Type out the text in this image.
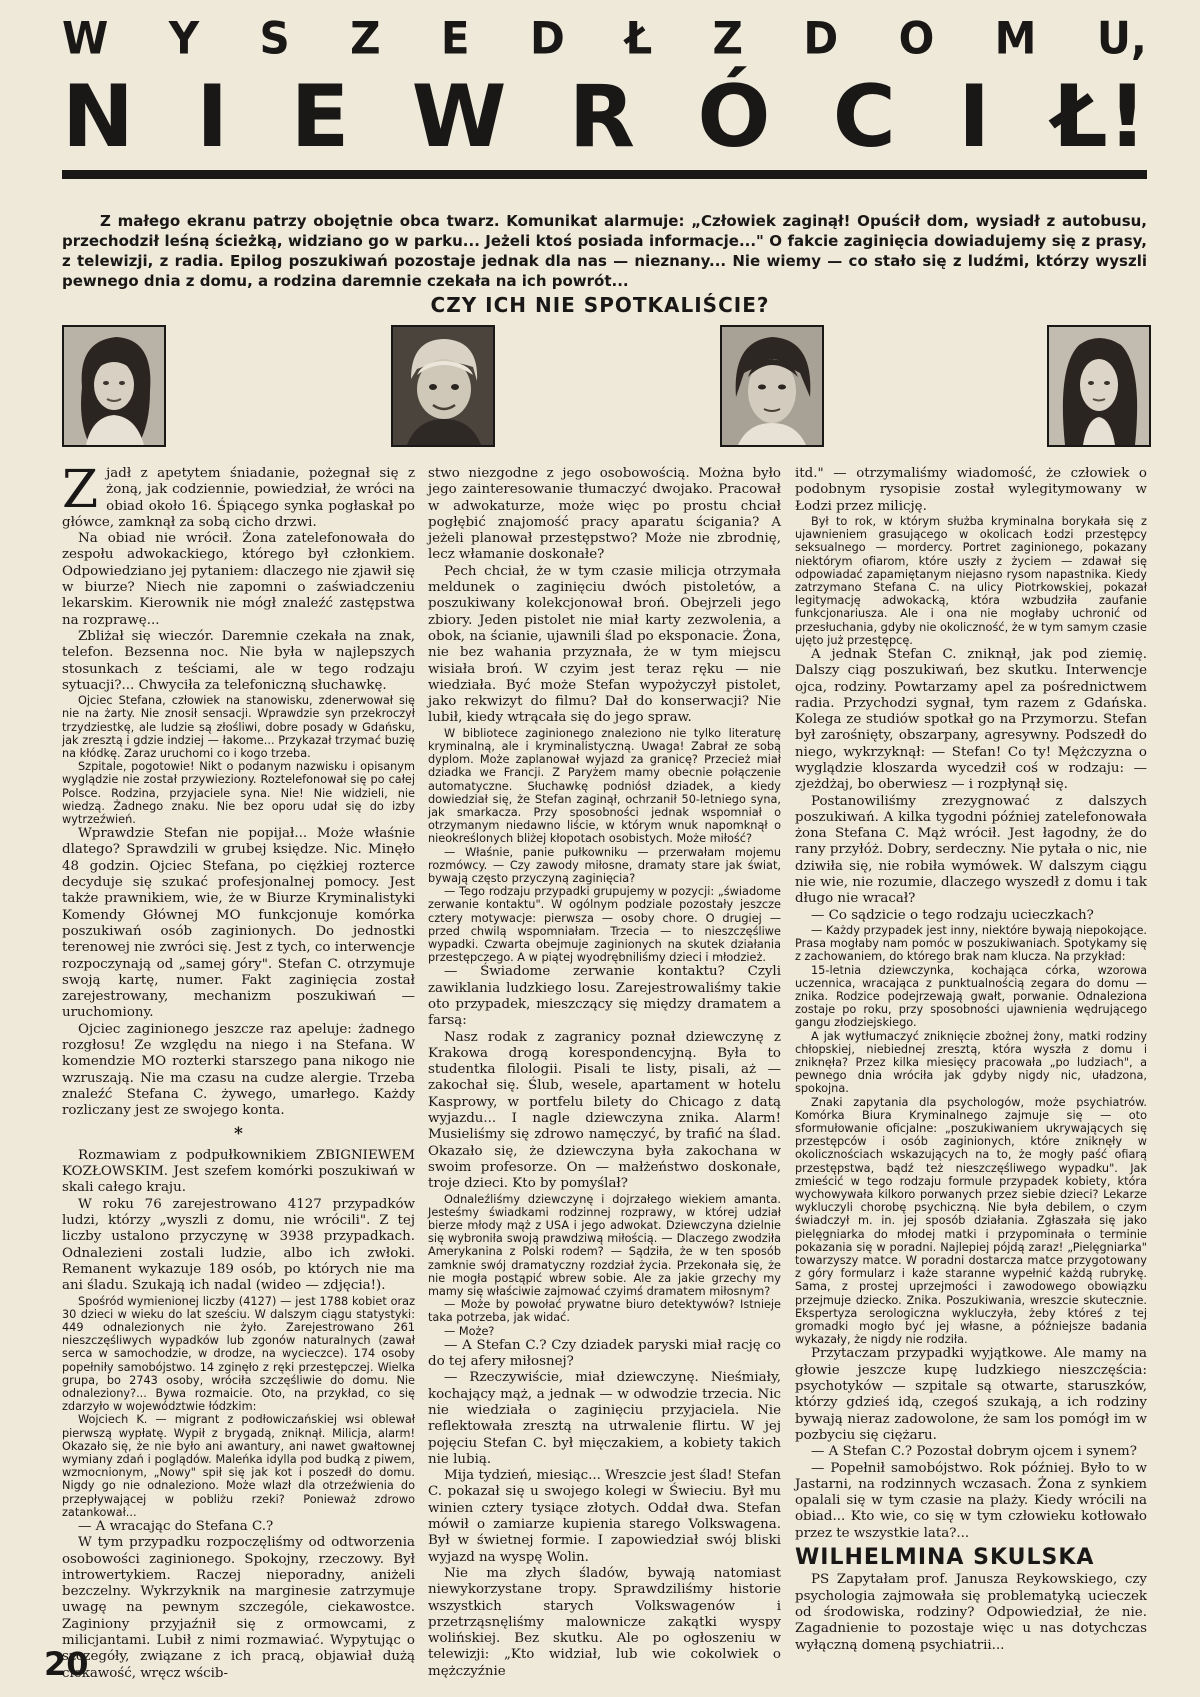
W Y S Z E D Ł Z D O M U,
N I E W R Ó C I Ł!

Z małego ekranu patrzy obojętnie obca twarz. Komunikat alarmuje: „Człowiek zaginął! Opuścił dom, wysiadł z autobusu, przechodził leśną ścieżką, widziano go w parku... Jeżeli ktoś posiada informacje..." O fakcie zaginięcia dowiadujemy się z prasy, z telewizji, z radia. Epilog poszukiwań pozostaje jednak dla nas — nieznany... Nie wiemy — co stało się z ludźmi, którzy wyszli pewnego dnia z domu, a rodzina daremnie czekała na ich powrót...

CZY ICH NIE SPOTKALIŚCIE?

Zjadł z apetytem śniadanie, pożegnał się z żoną, jak codziennie, powiedział, że wróci na obiad około 16. Śpiącego synka pogłaskał po główce, zamknął za sobą cicho drzwi.

Na obiad nie wrócił. Żona zatelefonowała do zespołu adwokackiego, którego był członkiem. Odpowiedziano jej pytaniem: dlaczego nie zjawił się w biurze? Niech nie zapomni o zaświadczeniu lekarskim. Kierownik nie mógł znaleźć zastępstwa na rozprawę...

Zbliżał się wieczór. Daremnie czekała na znak, telefon. Bezsenna noc. Nie była w najlepszych stosunkach z teściami, ale w tego rodzaju sytuacji?... Chwyciła za telefoniczną słuchawkę.

Ojciec Stefana, człowiek na stanowisku, zdenerwował się nie na żarty. Nie znosił sensacji. Wprawdzie syn przekroczył trzydziestkę, ale ludzie są złośliwi, dobre posady w Gdańsku, jak zresztą i gdzie indziej — łakome... Przykazał trzymać buzię na kłódkę. Zaraz uruchomi co i kogo trzeba.

Szpitale, pogotowie! Nikt o podanym nazwisku i opisanym wyglądzie nie został przywieziony. Roztelefonował się po całej Polsce. Rodzina, przyjaciele syna. Nie! Nie widzieli, nie wiedzą. Żadnego znaku. Nie bez oporu udał się do izby wytrzeźwień.

Wprawdzie Stefan nie popijał... Może właśnie dlatego? Sprawdzili w grubej księdze. Nic. Minęło 48 godzin. Ojciec Stefana, po ciężkiej rozterce decyduje się szukać profesjonalnej pomocy. Jest także prawnikiem, wie, że w Biurze Kryminalistyki Komendy Głównej MO funkcjonuje komórka poszukiwań osób zaginionych. Do jednostki terenowej nie zwróci się. Jest z tych, co interwencje rozpoczynają od „samej góry". Stefan C. otrzymuje swoją kartę, numer. Fakt zaginięcia został zarejestrowany, mechanizm poszukiwań — uruchomiony.

Ojciec zaginionego jeszcze raz apeluje: żadnego rozgłosu! Ze względu na niego i na Stefana. W komendzie MO rozterki starszego pana nikogo nie wzruszają. Nie ma czasu na cudze alergie. Trzeba znaleźć Stefana C. żywego, umarłego. Każdy rozliczany jest ze swojego konta.

*

Rozmawiam z podpułkownikiem ZBIGNIEWEM KOZŁOWSKIM. Jest szefem komórki poszukiwań w skali całego kraju.

W roku 76 zarejestrowano 4127 przypadków ludzi, którzy „wyszli z domu, nie wrócili". Z tej liczby ustalono przyczynę w 3938 przypadkach. Odnalezieni zostali ludzie, albo ich zwłoki. Remanent wykazuje 189 osób, po których nie ma ani śladu. Szukają ich nadal (wideo — zdjęcia!).

Spośród wymienionej liczby (4127) — jest 1788 kobiet oraz 30 dzieci w wieku do lat sześciu. W dalszym ciągu statystyki: 449 odnalezionych nie żyło. Zarejestrowano 261 nieszczęśliwych wypadków lub zgonów naturalnych (zawał serca w samochodzie, w drodze, na wycieczce). 174 osoby popełniły samobójstwo. 14 zginęło z ręki przestępczej. Wielka grupa, bo 2743 osoby, wróciła szczęśliwie do domu. Nie odnaleziony?... Bywa rozmaicie. Oto, na przykład, co się zdarzyło w województwie łódzkim:

Wojciech K. — migrant z podłowiczańskiej wsi oblewał pierwszą wypłatę. Wypił z brygadą, zniknął. Milicja, alarm! Okazało się, że nie było ani awantury, ani nawet gwałtownej wymiany zdań i poglądów. Maleńka idylla pod budką z piwem, wzmocnionym, „Nowy" spił się jak kot i poszedł do domu. Nigdy go nie odnaleziono. Może wlazł dla otrzeźwienia do przepływającej w pobliżu rzeki? Ponieważ zdrowo zatankował...

— A wracając do Stefana C.?

W tym przypadku rozpoczęliśmy od odtworzenia osobowości zaginionego. Spokojny, rzeczowy. Był introwertykiem. Raczej nieporadny, aniżeli bezczelny. Wykrzyknik na marginesie zatrzymuje uwagę na pewnym szczególe, ciekawostce. Zaginiony przyjaźnił się z ormowcami, z milicjantami. Lubił z nimi rozmawiać. Wypytując o szczegóły, związane z ich pracą, objawiał dużą ciekawość, wręcz wścib-

stwo niezgodne z jego osobowością. Można było jego zainteresowanie tłumaczyć dwojako. Pracował w adwokaturze, może więc po prostu chciał pogłębić znajomość pracy aparatu ścigania? A jeżeli planował przestępstwo? Może nie zbrodnię, lecz włamanie doskonałe?

Pech chciał, że w tym czasie milicja otrzymała meldunek o zaginięciu dwóch pistoletów, a poszukiwany kolekcjonował broń. Obejrzeli jego zbiory. Jeden pistolet nie miał karty zezwolenia, a obok, na ścianie, ujawnili ślad po eksponacie. Żona, nie bez wahania przyznała, że w tym miejscu wisiała broń. W czyim jest teraz ręku — nie wiedziała. Być może Stefan wypożyczył pistolet, jako rekwizyt do filmu? Dał do konserwacji? Nie lubił, kiedy wtrącała się do jego spraw.

W bibliotece zaginionego znaleziono nie tylko literaturę kryminalną, ale i kryminalistyczną. Uwaga! Zabrał ze sobą dyplom. Może zaplanował wyjazd za granicę? Przecież miał dziadka we Francji. Z Paryżem mamy obecnie połączenie automatyczne. Słuchawkę podniósł dziadek, a kiedy dowiedział się, że Stefan zaginął, ochrzanił 50-letniego syna, jak smarkacza. Przy sposobności jednak wspomniał o otrzymanym niedawno liście, w którym wnuk napomknął o nieokreślonych bliżej kłopotach osobistych. Może miłość?

— Właśnie, panie pułkowniku — przerwałam mojemu rozmówcy. — Czy zawody miłosne, dramaty stare jak świat, bywają często przyczyną zaginięcia?

— Tego rodzaju przypadki grupujemy w pozycji: „świadome zerwanie kontaktu". W ogólnym podziale pozostały jeszcze cztery motywacje: pierwsza — osoby chore. O drugiej — przed chwilą wspomniałam. Trzecia — to nieszczęśliwe wypadki. Czwarta obejmuje zaginionych na skutek działania przestępczego. A w piątej wyodrębniliśmy dzieci i młodzież.

— Świadome zerwanie kontaktu? Czyli zawiklania ludzkiego losu. Zarejestrowaliśmy takie oto przypadek, mieszczący się między dramatem a farsą:

Nasz rodak z zagranicy poznał dziewczynę z Krakowa drogą korespondencyjną. Była to studentka filologii. Pisali te listy, pisali, aż — zakochał się. Ślub, wesele, apartament w hotelu Kasprowy, w portfelu bilety do Chicago z datą wyjazdu... I nagle dziewczyna znika. Alarm! Musieliśmy się zdrowo namęczyć, by trafić na ślad. Okazało się, że dziewczyna była zakochana w swoim profesorze. On — małżeństwo doskonałe, troje dzieci. Kto by pomyślał?

Odnaleźliśmy dziewczynę i dojrzałego wiekiem amanta. Jesteśmy świadkami rodzinnej rozprawy, w której udział bierze młody mąż z USA i jego adwokat. Dziewczyna dzielnie się wybroniła swoją prawdziwą miłością. — Dlaczego zwodziła Amerykanina z Polski rodem? — Sądziła, że w ten sposób zamknie swój dramatyczny rozdział życia. Przekonała się, że nie mogła postąpić wbrew sobie. Ale za jakie grzechy my mamy się właściwie zajmować czyimś dramatem miłosnym?

— Może by powołać prywatne biuro detektywów? Istnieje taka potrzeba, jak widać.

— Może?

— A Stefan C.? Czy dziadek paryski miał rację co do tej afery miłosnej?

— Rzeczywiście, miał dziewczynę. Nieśmiały, kochający mąż, a jednak — w odwodzie trzecia. Nic nie wiedziała o zaginięciu przyjaciela. Nie reflektowała zresztą na utrwalenie flirtu. W jej pojęciu Stefan C. był mięczakiem, a kobiety takich nie lubią.

Mija tydzień, miesiąc... Wreszcie jest ślad! Stefan C. pokazał się u swojego kolegi w Świeciu. Był mu winien cztery tysiące złotych. Oddał dwa. Stefan mówił o zamiarze kupienia starego Volkswagena. Był w świetnej formie. I zapowiedział swój bliski wyjazd na wyspę Wolin.

Nie ma złych śladów, bywają natomiast niewykorzystane tropy. Sprawdziliśmy historie wszystkich starych Volkswagenów i przetrząsnęliśmy malownicze zakątki wyspy wolińskiej. Bez skutku. Ale po ogłoszeniu w telewizji: „Kto widział, lub wie cokolwiek o mężczyźnie

itd." — otrzymaliśmy wiadomość, że człowiek o podobnym rysopisie został wylegitymowany w Łodzi przez milicję.

Był to rok, w którym służba kryminalna borykała się z ujawnieniem grasującego w okolicach Łodzi przestępcy seksualnego — mordercy. Portret zaginionego, pokazany niektórym ofiarom, które uszły z życiem — zdawał się odpowiadać zapamiętanym niejasno rysom napastnika. Kiedy zatrzymano Stefana C. na ulicy Piotrkowskiej, pokazał legitymację adwokacką, która wzbudziła zaufanie funkcjonariusza. Ale i ona nie mogłaby uchronić od przesłuchania, gdyby nie okoliczność, że w tym samym czasie ujęto już przestępcę.

A jednak Stefan C. zniknął, jak pod ziemię. Dalszy ciąg poszukiwań, bez skutku. Interwencje ojca, rodziny. Powtarzamy apel za pośrednictwem radia. Przychodzi sygnał, tym razem z Gdańska. Kolega ze studiów spotkał go na Przymorzu. Stefan był zarośnięty, obszarpany, agresywny. Podszedł do niego, wykrzyknął: — Stefan! Co ty! Mężczyzna o wyglądzie kloszarda wycedził coś w rodzaju: — zjeżdżaj, bo oberwiesz — i rozpłynął się.

Postanowiliśmy zrezygnować z dalszych poszukiwań. A kilka tygodni później zatelefonowała żona Stefana C. Mąż wrócił. Jest łagodny, że do rany przyłóż. Dobry, serdeczny. Nie pytała o nic, nie dziwiła się, nie robiła wymówek. W dalszym ciągu nie wie, nie rozumie, dlaczego wyszedł z domu i tak długo nie wracał?

— Co sądzicie o tego rodzaju ucieczkach?

— Każdy przypadek jest inny, niektóre bywają niepokojące. Prasa mogłaby nam pomóc w poszukiwaniach. Spotykamy się z zachowaniem, do którego brak nam klucza. Na przykład:

15-letnia dziewczynka, kochająca córka, wzorowa uczennica, wracająca z punktualnością zegara do domu — znika. Rodzice podejrzewają gwałt, porwanie. Odnaleziona zostaje po roku, przy sposobności ujawnienia wędrującego gangu złodziejskiego.

A jak wytłumaczyć zniknięcie zbożnej żony, matki rodziny chłopskiej, niebiednej zresztą, która wyszła z domu i zniknęła? Przez kilka miesięcy pracowała „po ludziach", a pewnego dnia wróciła jak gdyby nigdy nic, uładzona, spokojna.

Znaki zapytania dla psychologów, może psychiatrów. Komórka Biura Kryminalnego zajmuje się — oto sformułowanie oficjalne: „poszukiwaniem ukrywających się przestępców i osób zaginionych, które zniknęły w okolicznościach wskazujących na to, że mogły paść ofiarą przestępstwa, bądź też nieszczęśliwego wypadku". Jak zmieścić w tego rodzaju formule przypadek kobiety, która wychowywała kilkoro porwanych przez siebie dzieci? Lekarze wykluczyli chorobę psychiczną. Nie była debilem, o czym świadczył m. in. jej sposób działania. Zgłaszała się jako pielęgniarka do młodej matki i przypominała o terminie pokazania się w poradni. Najlepiej pójdą zaraz! „Pielęgniarka" towarzyszy matce. W poradni dostarcza matce przygotowany z góry formularz i każe staranne wypełnić każdą rubrykę. Sama, z prostej uprzejmości i zawodowego obowiązku przejmuje dziecko. Znika. Poszukiwania, wreszcie skutecznie. Ekspertyza serologiczna wykluczyła, żeby któreś z tej gromadki mogło być jej własne, a późniejsze badania wykazały, że nigdy nie rodziła.

Przytaczam przypadki wyjątkowe. Ale mamy na głowie jeszcze kupę ludzkiego nieszczęścia: psychotyków — szpitale są otwarte, staruszków, którzy gdzieś idą, czegoś szukają, a ich rodziny bywają nieraz zadowolone, że sam los pomógł im w pozbyciu się ciężaru.

— A Stefan C.? Pozostał dobrym ojcem i synem?

— Popełnił samobójstwo. Rok później. Było to w Jastarni, na rodzinnych wczasach. Żona z synkiem opalali się w tym czasie na plaży. Kiedy wrócili na obiad... Kto wie, co się w tym człowieku kotłowało przez te wszystkie lata?...

WILHELMINA SKULSKA

PS Zapytałam prof. Janusza Reykowskiego, czy psychologia zajmowała się problematyką ucieczek od środowiska, rodziny? Odpowiedział, że nie. Zagadnienie to pozostaje więc u nas dotychczas wyłączną domeną psychiatrii...

20
